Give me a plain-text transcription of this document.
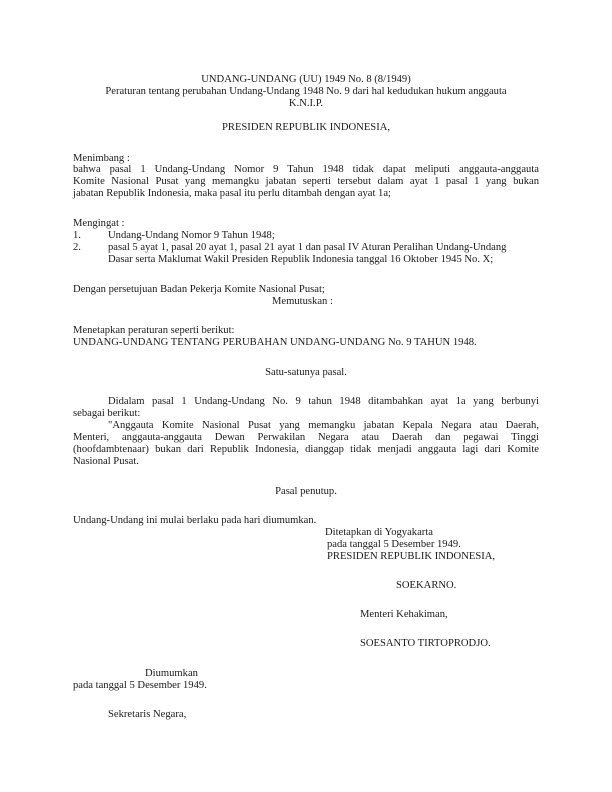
UNDANG-UNDANG (UU) 1949 No. 8 (8/1949)
Peraturan tentang perubahan Undang-Undang 1948 No. 9 dari hal kedudukan hukum anggauta
K.N.I.P.
PRESIDEN REPUBLIK INDONESIA,
Menimbang :
bahwa pasal 1 Undang-Undang Nomor 9 Tahun 1948 tidak dapat meliputi anggauta-anggauta
Komite Nasional Pusat yang memangku jabatan seperti tersebut dalam ayat 1 pasal 1 yang bukan
jabatan Republik Indonesia, maka pasal itu perlu ditambah dengan ayat 1a;
Mengingat :
1.	Undang-Undang Nomor 9 Tahun 1948;
2.	pasal 5 ayat 1, pasal 20 ayat 1, pasal 21 ayat 1 dan pasal IV Aturan Peralihan Undang-Undang
Dasar serta Maklumat Wakil Presiden Republik Indonesia tanggal 16 Oktober 1945 No. X;
Dengan persetujuan Badan Pekerja Komite Nasional Pusat;
Memutuskan :
Menetapkan peraturan seperti berikut:
UNDANG-UNDANG TENTANG PERUBAHAN UNDANG-UNDANG No. 9 TAHUN 1948.
Satu-satunya pasal.
Didalam pasal 1 Undang-Undang No. 9 tahun 1948 ditambahkan ayat 1a yang berbunyi
sebagai berikut:
"Anggauta Komite Nasional Pusat yang memangku jabatan Kepala Negara atau Daerah,
Menteri, anggauta-anggauta Dewan Perwakilan Negara atau Daerah dan pegawai Tinggi
(hoofdambtenaar) bukan dari Republik Indonesia, dianggap tidak menjadi anggauta lagi dari Komite
Nasional Pusat.
Pasal penutup.
Undang-Undang ini mulai berlaku pada hari diumumkan.
Ditetapkan di Yogyakarta
pada tanggal 5 Desember 1949.
PRESIDEN REPUBLIK INDONESIA,
SOEKARNO.
Menteri Kehakiman,
SOESANTO TIRTOPRODJO.
Diumumkan
pada tanggal 5 Desember 1949.
Sekretaris Negara,
